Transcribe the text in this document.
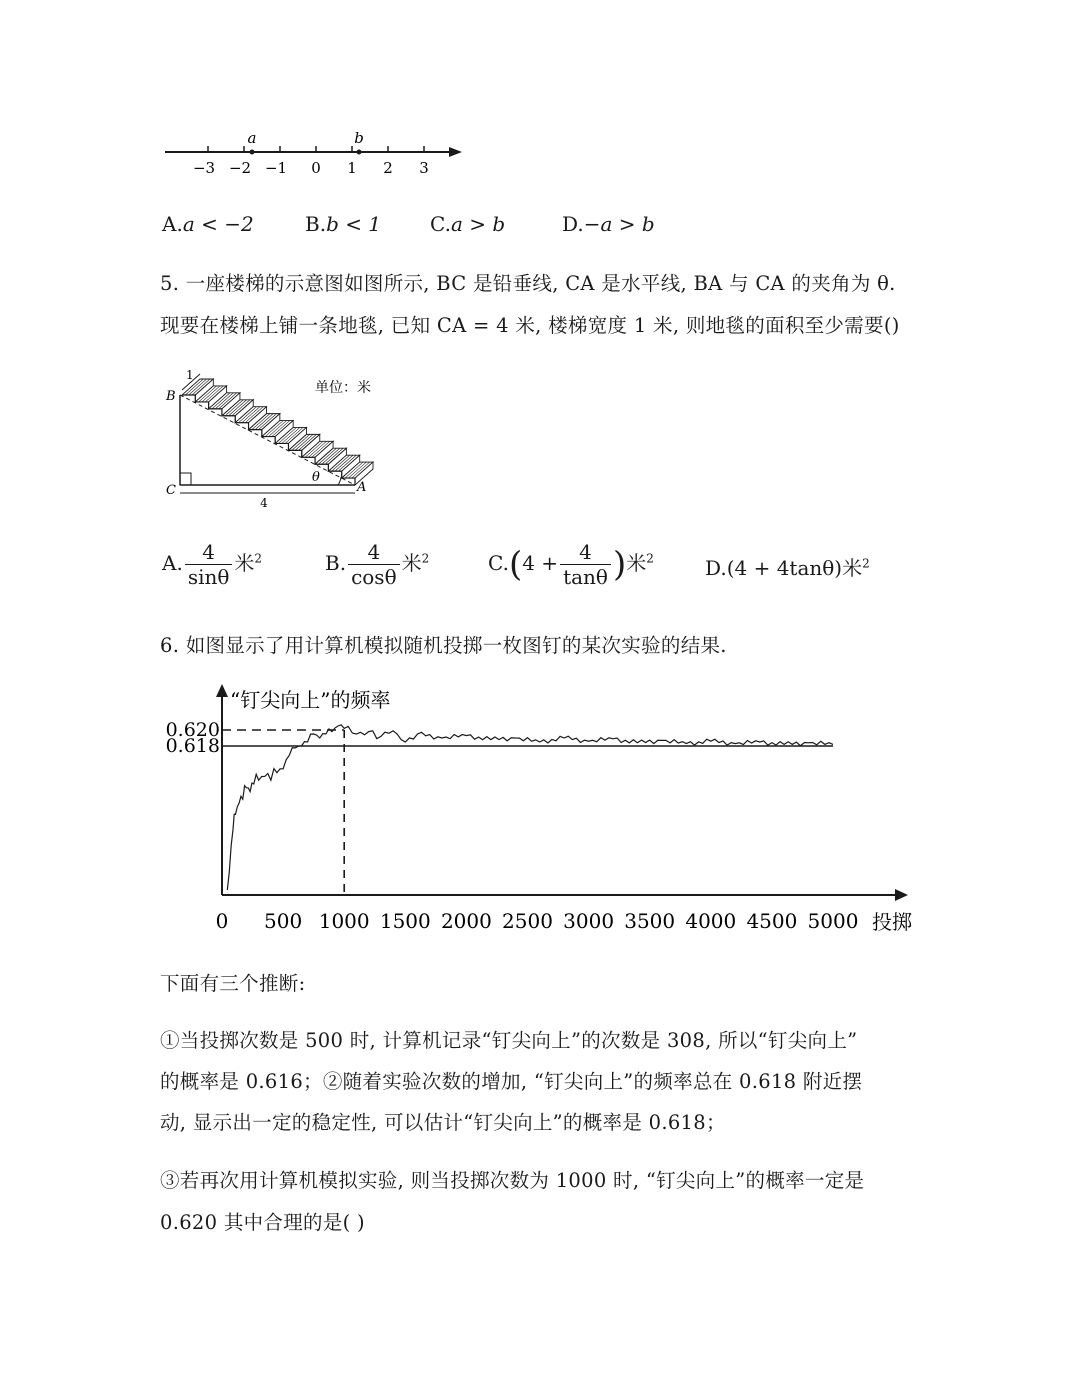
−3 −2 −1 0 1 2 3
a	b
A.a < −2	B.b < 1 C.a > b	D.−a > b
5. 一座楼梯的示意图如图所示, BC 是铅垂线, CA 是水平线, BA 与 CA 的夹角为 θ.
现要在楼梯上铺一条地毯, 已知 CA = 4 米, 楼梯宽度 1 米, 则地毯的面积至少需要()
1
B
C	A
θ
4
单位：米
A. $\frac{4}{\sin\theta}$ 米$^2$	B. $\frac{4}{\cos\theta}$ 米$^2$	$C.(4 + \frac{4}{\tan\theta}$ )米$^2$	D.(4 + 4tanθ)米$^2$
6. 如图显示了用计算机模拟随机投掷一枚图钉的某次实验的结果.
0 500 1000 1500 2000 2500 3000 3500 4000 4500 5000
0.620
0.618
“钉尖向上”的频率
投掷
下面有三个推断:
①当投掷次数是 500 时, 计算机记录“钉尖向上”的次数是 308, 所以“钉尖向上”
的概率是 0.616；②随着实验次数的增加, “钉尖向上”的频率总在 0.618 附近摆
动, 显示出一定的稳定性, 可以估计“钉尖向上”的概率是 0.618；
③若再次用计算机模拟实验, 则当投掷次数为 1000 时, “钉尖向上”的概率一定是
0.620 其中合理的是( )
